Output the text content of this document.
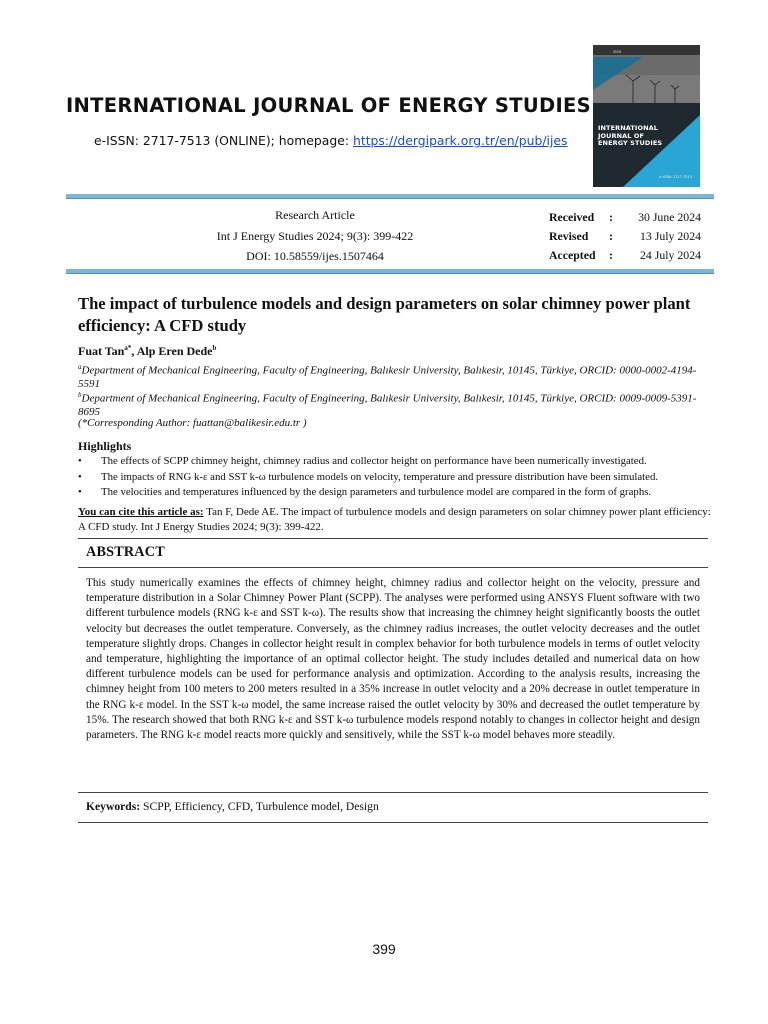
INTERNATIONAL JOURNAL OF ENERGY STUDIES
e-ISSN: 2717-7513 (ONLINE); homepage: https://dergipark.org.tr/en/pub/ijes
ISSN
INTERNATIONAL JOURNAL OF ENERGY STUDIES
e-ISSN: 2717-7513
Research Article
Int J Energy Studies 2024; 9(3): 399-422
DOI: 10.58559/ijes.1507464
Received : 30 June 2024
Revised : 13 July 2024
Accepted : 24 July 2024
The impact of turbulence models and design parameters on solar chimney power plant efficiency: A CFD study
Fuat Tan$^{a*}$, Alp Eren Dede$^b$
$^a$Department of Mechanical Engineering, Faculty of Engineering, Balıkesir University, Balıkesir, 10145, Türkiye, ORCID: 0000-0002-4194-5591
$^b$Department of Mechanical Engineering, Faculty of Engineering, Balıkesir University, Balıkesir, 10145, Türkiye, ORCID: 0009-0009-5391-8695
(*Corresponding Author: fuattan@balikesir.edu.tr )
Highlights
• The effects of SCPP chimney height, chimney radius and collector height on performance have been numerically investigated.
• The impacts of RNG k-ε and SST k-ω turbulence models on velocity, temperature and pressure distribution have been simulated.
• The velocities and temperatures influenced by the design parameters and turbulence model are compared in the form of graphs.
You can cite this article as: Tan F, Dede AE. The impact of turbulence models and design parameters on solar chimney power plant efficiency: A CFD study. Int J Energy Studies 2024; 9(3): 399-422.
ABSTRACT
This study numerically examines the effects of chimney height, chimney radius and collector height on the velocity, pressure and temperature distribution in a Solar Chimney Power Plant (SCPP). The analyses were performed using ANSYS Fluent software with two different turbulence models (RNG k-ε and SST k-ω). The results show that increasing the chimney height significantly boosts the outlet velocity but decreases the outlet temperature. Conversely, as the chimney radius increases, the outlet velocity decreases and the outlet temperature slightly drops. Changes in collector height result in complex behavior for both turbulence models in terms of outlet velocity and temperature, highlighting the importance of an optimal collector height. The study includes detailed and numerical data on how different turbulence models can be used for performance analysis and optimization. According to the analysis results, increasing the chimney height from 100 meters to 200 meters resulted in a 35% increase in outlet velocity and a 20% decrease in outlet temperature in the RNG k-ε model. In the SST k-ω model, the same increase raised the outlet velocity by 30% and decreased the outlet temperature by 15%. The research showed that both RNG k-ε and SST k-ω turbulence models respond notably to changes in collector height and design parameters. The RNG k-ε model reacts more quickly and sensitively, while the SST k-ω model behaves more steadily.
Keywords: SCPP, Efficiency, CFD, Turbulence model, Design
399
